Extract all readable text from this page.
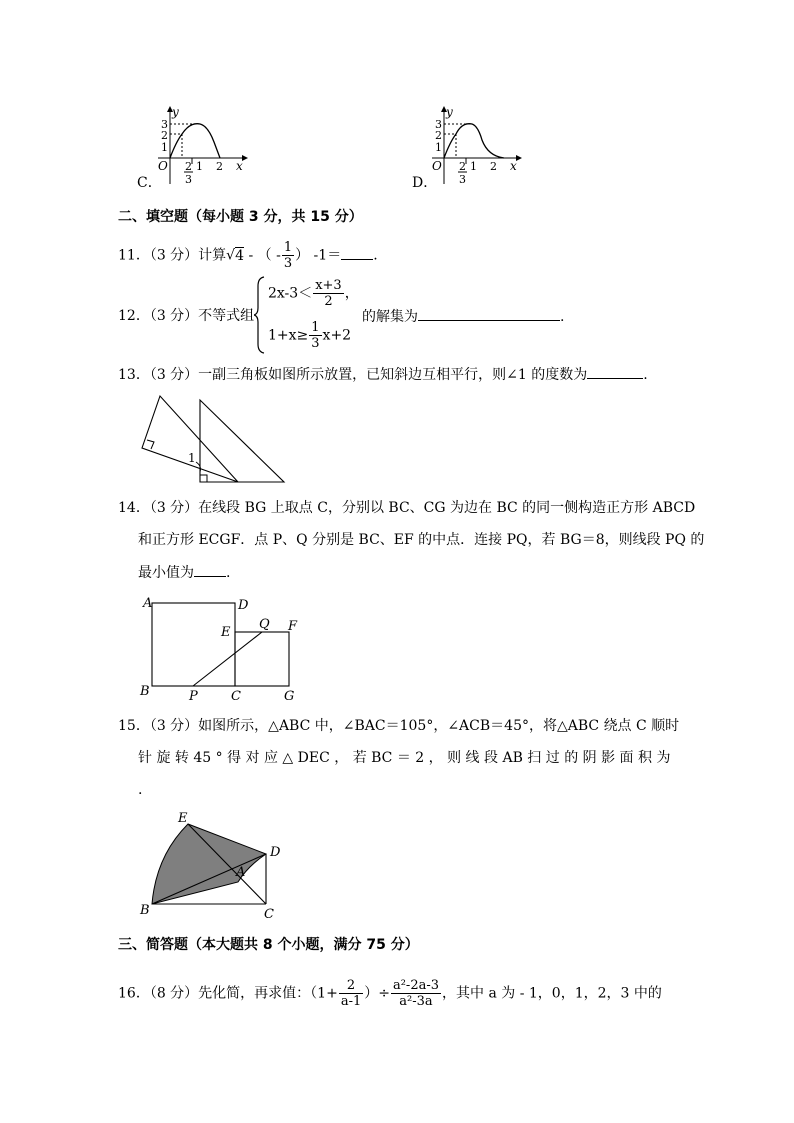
C．
y
x
O
3
2
1
1 2
2
3	D．
y
x
O
3
2
1
1 2
2
3
二、填空题（每小题 3 分，共 15 分）
11．（3 分）计算√4 - （ - $\frac{1}{3}$ ） -1＝ .
12．（3 分）不等式组
$2x-3< \frac{x+3}{2}$ ，
$1+x\ge \frac{1}{3} x+2$
的解集为	.
13．（3 分）一副三角板如图所示放置，已知斜边互相平行，则∠1 的度数为	.
1
14．（3 分）在线段 BG 上取点 C，分别以 BC、CG 为边在 BC 的同一侧构造正方形 ABCD
和正方形 ECGF．点 P、Q 分别是 BC、EF 的中点．连接 PQ，若 BG＝8，则线段 PQ 的
最小值为 .
A
B	C
D
E	F
G
P
Q
15．（3 分）如图所示，△ABC 中，∠BAC＝105°，∠ACB＝45°，将△ABC 绕点 C 顺时
针 旋 转 45 ° 得 对 应 △ DEC ， 若 BC ＝ 2 ， 则 线 段 AB 扫 过 的 阴 影 面 积 为
.
E
D
A
B	C
三、简答题（本大题共 8 个小题，满分 75 分）
16．（8 分）先化简，再求值：（$1+ \frac{2}{a-1}$ ）÷ $\frac{\text{a²-2a-3}}{\text{a²-3a}}$ ，其中 a 为 - 1，0，1，2，3 中的
